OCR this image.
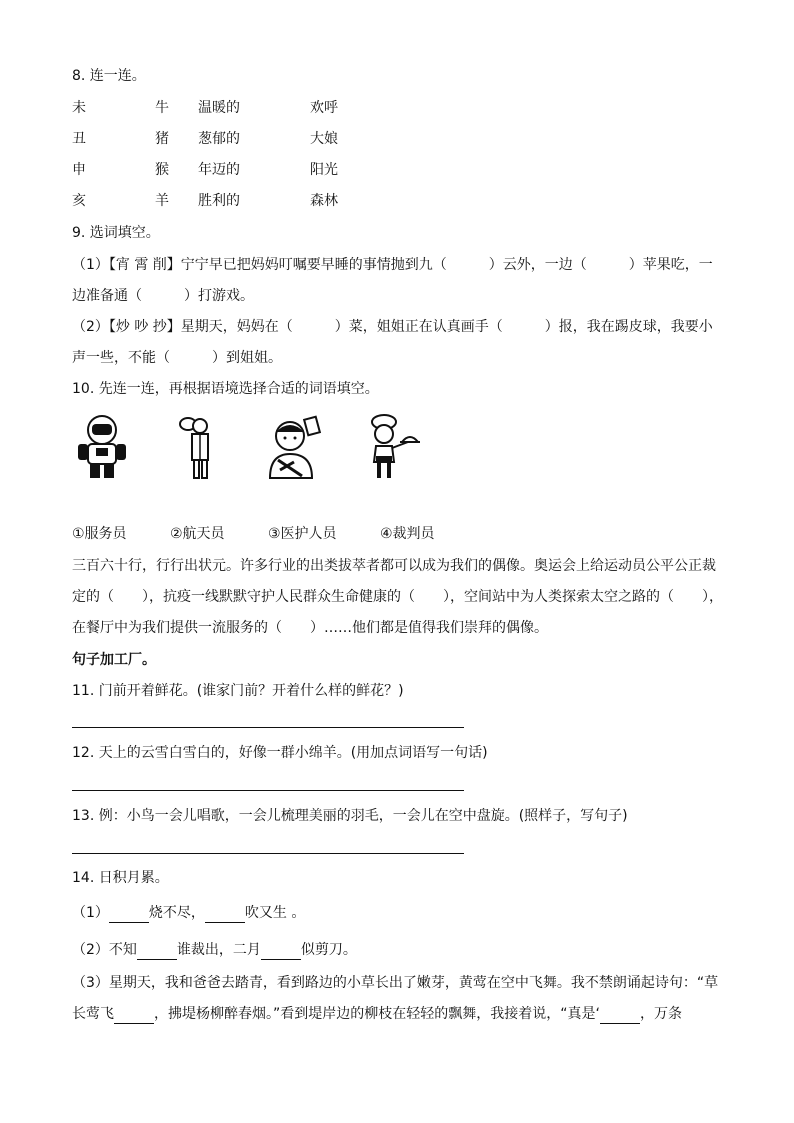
8. 连一连。
未	牛 温暖的	欢呼
丑	猪 葱郁的	大娘
申	猴 年迈的	阳光
亥	羊 胜利的	森林
9. 选词填空。
（1）【宵 霄 削】宁宁早已把妈妈叮嘱要早睡的事情抛到九（　　　）云外，一边（　　　）苹果吃，一
边准备通（　　　）打游戏。
（2）【炒 吵 抄】星期天，妈妈在（　　　）菜，姐姐正在认真画手（　　　）报，我在踢皮球，我要小
声一些，不能（　　　）到姐姐。
10. 先连一连，再根据语境选择合适的词语填空。
①服务员	②航天员	③医护人员	④裁判员
三百六十行，行行出状元。许多行业的出类拔萃者都可以成为我们的偶像。奥运会上给运动员公平公正裁
定的（　　），抗疫一线默默守护人民群众生命健康的（　　），空间站中为人类探索太空之路的（　　），
在餐厅中为我们提供一流服务的（　　）……他们都是值得我们崇拜的偶像。
句子加工厂。
11. 门前开着鲜花。(谁家门前？开着什么样的鲜花？)
12. 天上的云雪白雪白的，好像一群小绵羊。(用加点词语写一句话)
13. 例：小鸟一会儿唱歌，一会儿梳理美丽的羽毛，一会儿在空中盘旋。(照样子，写句子)
14. 日积月累。
（1）	烧不尽，	吹又生 。
（2）不知	谁裁出，二月	似剪刀。
（3）星期天，我和爸爸去踏青，看到路边的小草长出了嫩芽，黄莺在空中飞舞。我不禁朗诵起诗句：“草
长莺飞	，拂堤杨柳醉春烟。”看到堤岸边的柳枝在轻轻的飘舞，我接着说，“真是‘	，万条
